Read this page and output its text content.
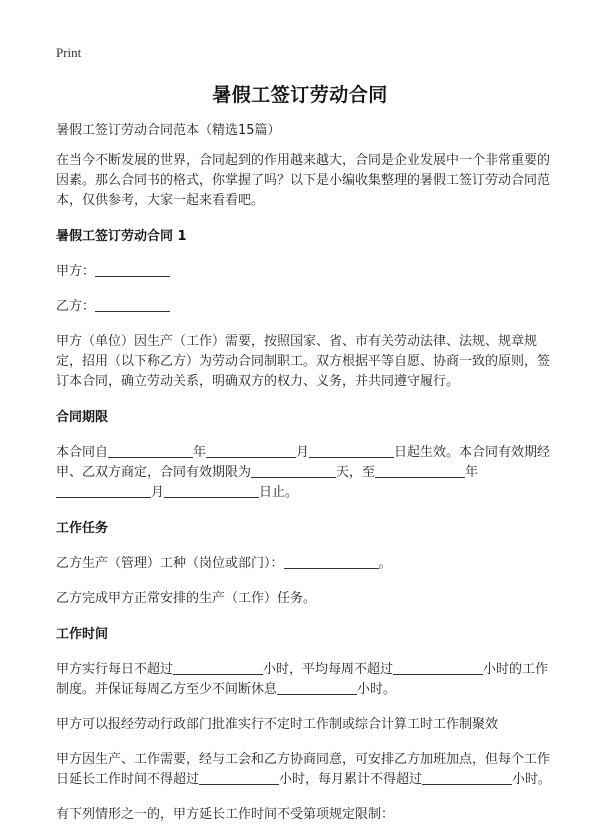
Print
暑假工签订劳动合同

暑假工签订劳动合同范本（精选15篇）

在当今不断发展的世界，合同起到的作用越来越大，合同是企业发展中一个非常重要的因素。那么合同书的格式，你掌握了吗？以下是小编收集整理的暑假工签订劳动合同范本，仅供参考，大家一起来看看吧。

暑假工签订劳动合同 1

甲方：

乙方：

甲方（单位）因生产（工作）需要，按照国家、省、市有关劳动法律、法规、规章规定，招用（以下称乙方）为劳动合同制职工。双方根据平等自愿、协商一致的原则，签订本合同，确立劳动关系，明确双方的权力、义务，并共同遵守履行。

合同期限

本合同自	年	月	日起生效。本合同有效期经甲、乙双方商定，合同有效期限为	天，至	年月	日止。

工作任务

乙方生产（管理）工种（岗位或部门）：	。

乙方完成甲方正常安排的生产（工作）任务。

工作时间

甲方实行每日不超过	小时，平均每周不超过	小时的工作制度。并保证每周乙方至少不间断休息	小时。

甲方可以报经劳动行政部门批准实行不定时工作制或综合计算工时工作制聚效

甲方因生产、工作需要，经与工会和乙方协商同意，可安排乙方加班加点，但每个工作日延长工作时间不得超过	小时，每月累计不得超过	小时。

有下列情形之一的，甲方延长工作时间不受第项规定限制：
